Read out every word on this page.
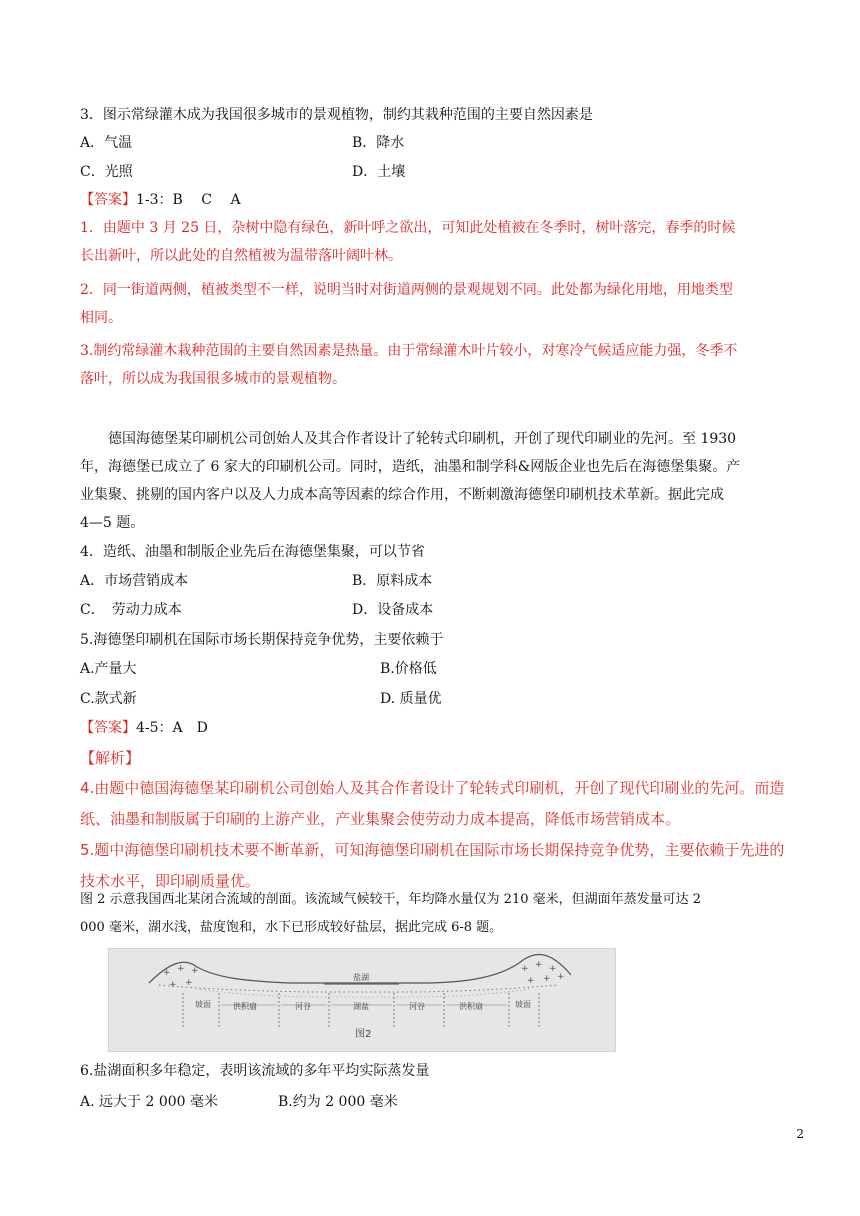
3．图示常绿灌木成为我国很多城市的景观植物，制约其栽种范围的主要自然因素是
A．气温	B．降水
C．光照	D．土壤
【答案】1-3：B　 C　 A
1．由题中 3 月 25 日，杂树中隐有绿色，新叶呼之欲出，可知此处植被在冬季时，树叶落完，春季的时候
长出新叶，所以此处的自然植被为温带落叶阔叶林。
2．同一街道两侧，植被类型不一样，说明当时对街道两侧的景观规划不同。此处都为绿化用地，用地类型
相同。
3.制约常绿灌木栽种范围的主要自然因素是热量。由于常绿灌木叶片较小，对寒冷气候适应能力强，冬季不
落叶，所以成为我国很多城市的景观植物。
德国海德堡某印刷机公司创始人及其合作者设计了轮转式印刷机，开创了现代印刷业的先河。至 1930
年，海德堡已成立了 6 家大的印刷机公司。同时，造纸，油墨和制学科&网版企业也先后在海德堡集聚。产
业集聚、挑剔的国内客户以及人力成本高等因素的综合作用，不断刺激海德堡印刷机技术革新。据此完成
4—5 题。
4．造纸、油墨和制版企业先后在海德堡集聚，可以节省
A．市场营销成本	B．原料成本
C．　劳动力成本	D．设备成本
5.海德堡印刷机在国际市场长期保持竞争优势，主要依赖于
A.产量大	B.价格低
C.款式新	D. 质量优
【答案】4-5：A　D
【解析】
4.由题中德国海德堡某印刷机公司创始人及其合作者设计了轮转式印刷机，开创了现代印刷业的先河。而造
纸、油墨和制版属于印刷的上游产业，产业集聚会使劳动力成本提高，降低市场营销成本。
5.题中海德堡印刷机技术要不断革新，可知海德堡印刷机在国际市场长期保持竞争优势，主要依赖于先进的
技术水平，即印刷质量优。
图 2 示意我国西北某闭合流域的剖面。该流域气候较干，年均降水量仅为 210 毫米，但湖面年蒸发量可达 2
000 毫米，湖水浅，盐度饱和，水下已形成较好盐层，据此完成 6-8 题。
+ + +
+ +
+ + +
+ + +
盐湖
坡面	洪积扇	河谷	湖盆	河谷	洪积扇	坡面
图2
6.盐湖面积多年稳定，表明该流域的多年平均实际蒸发量
A. 远大于 2 000 毫米	B.约为 2 000 毫米
2
